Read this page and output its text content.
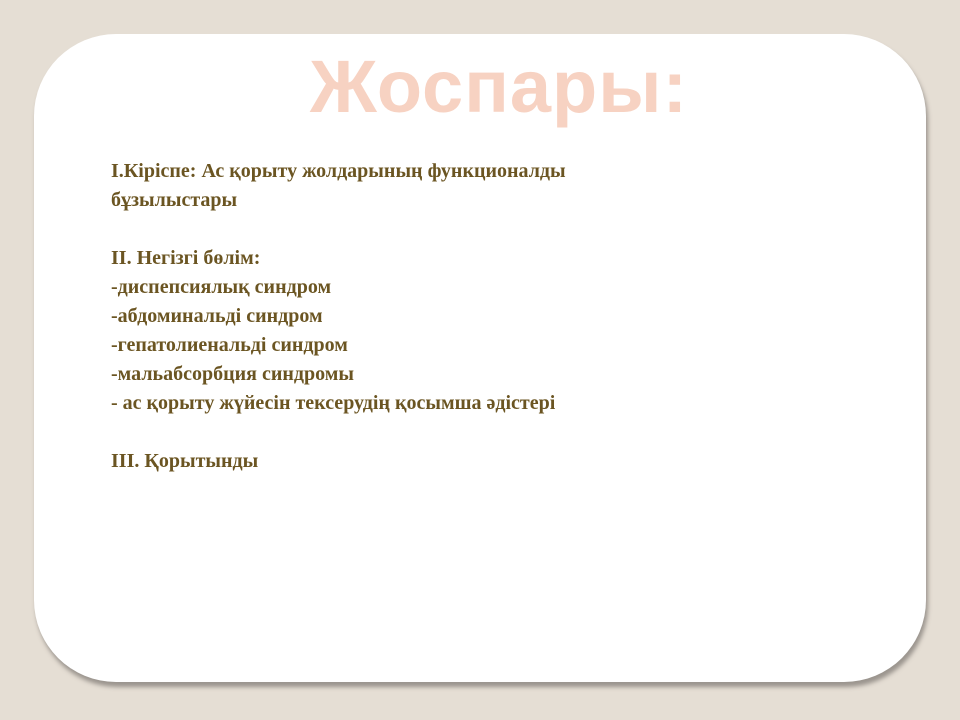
Жоспары:
I.Кіріспе: Ас қорыту жолдарының функционалды
бұзылыстары
II. Негізгі бөлім:
-диспепсиялық синдром
-абдоминальді синдром
-гепатолиенальді синдром
-мальабсорбция синдромы
- ас қорыту жүйесін тексерудің қосымша әдістері
III. Қорытынды
